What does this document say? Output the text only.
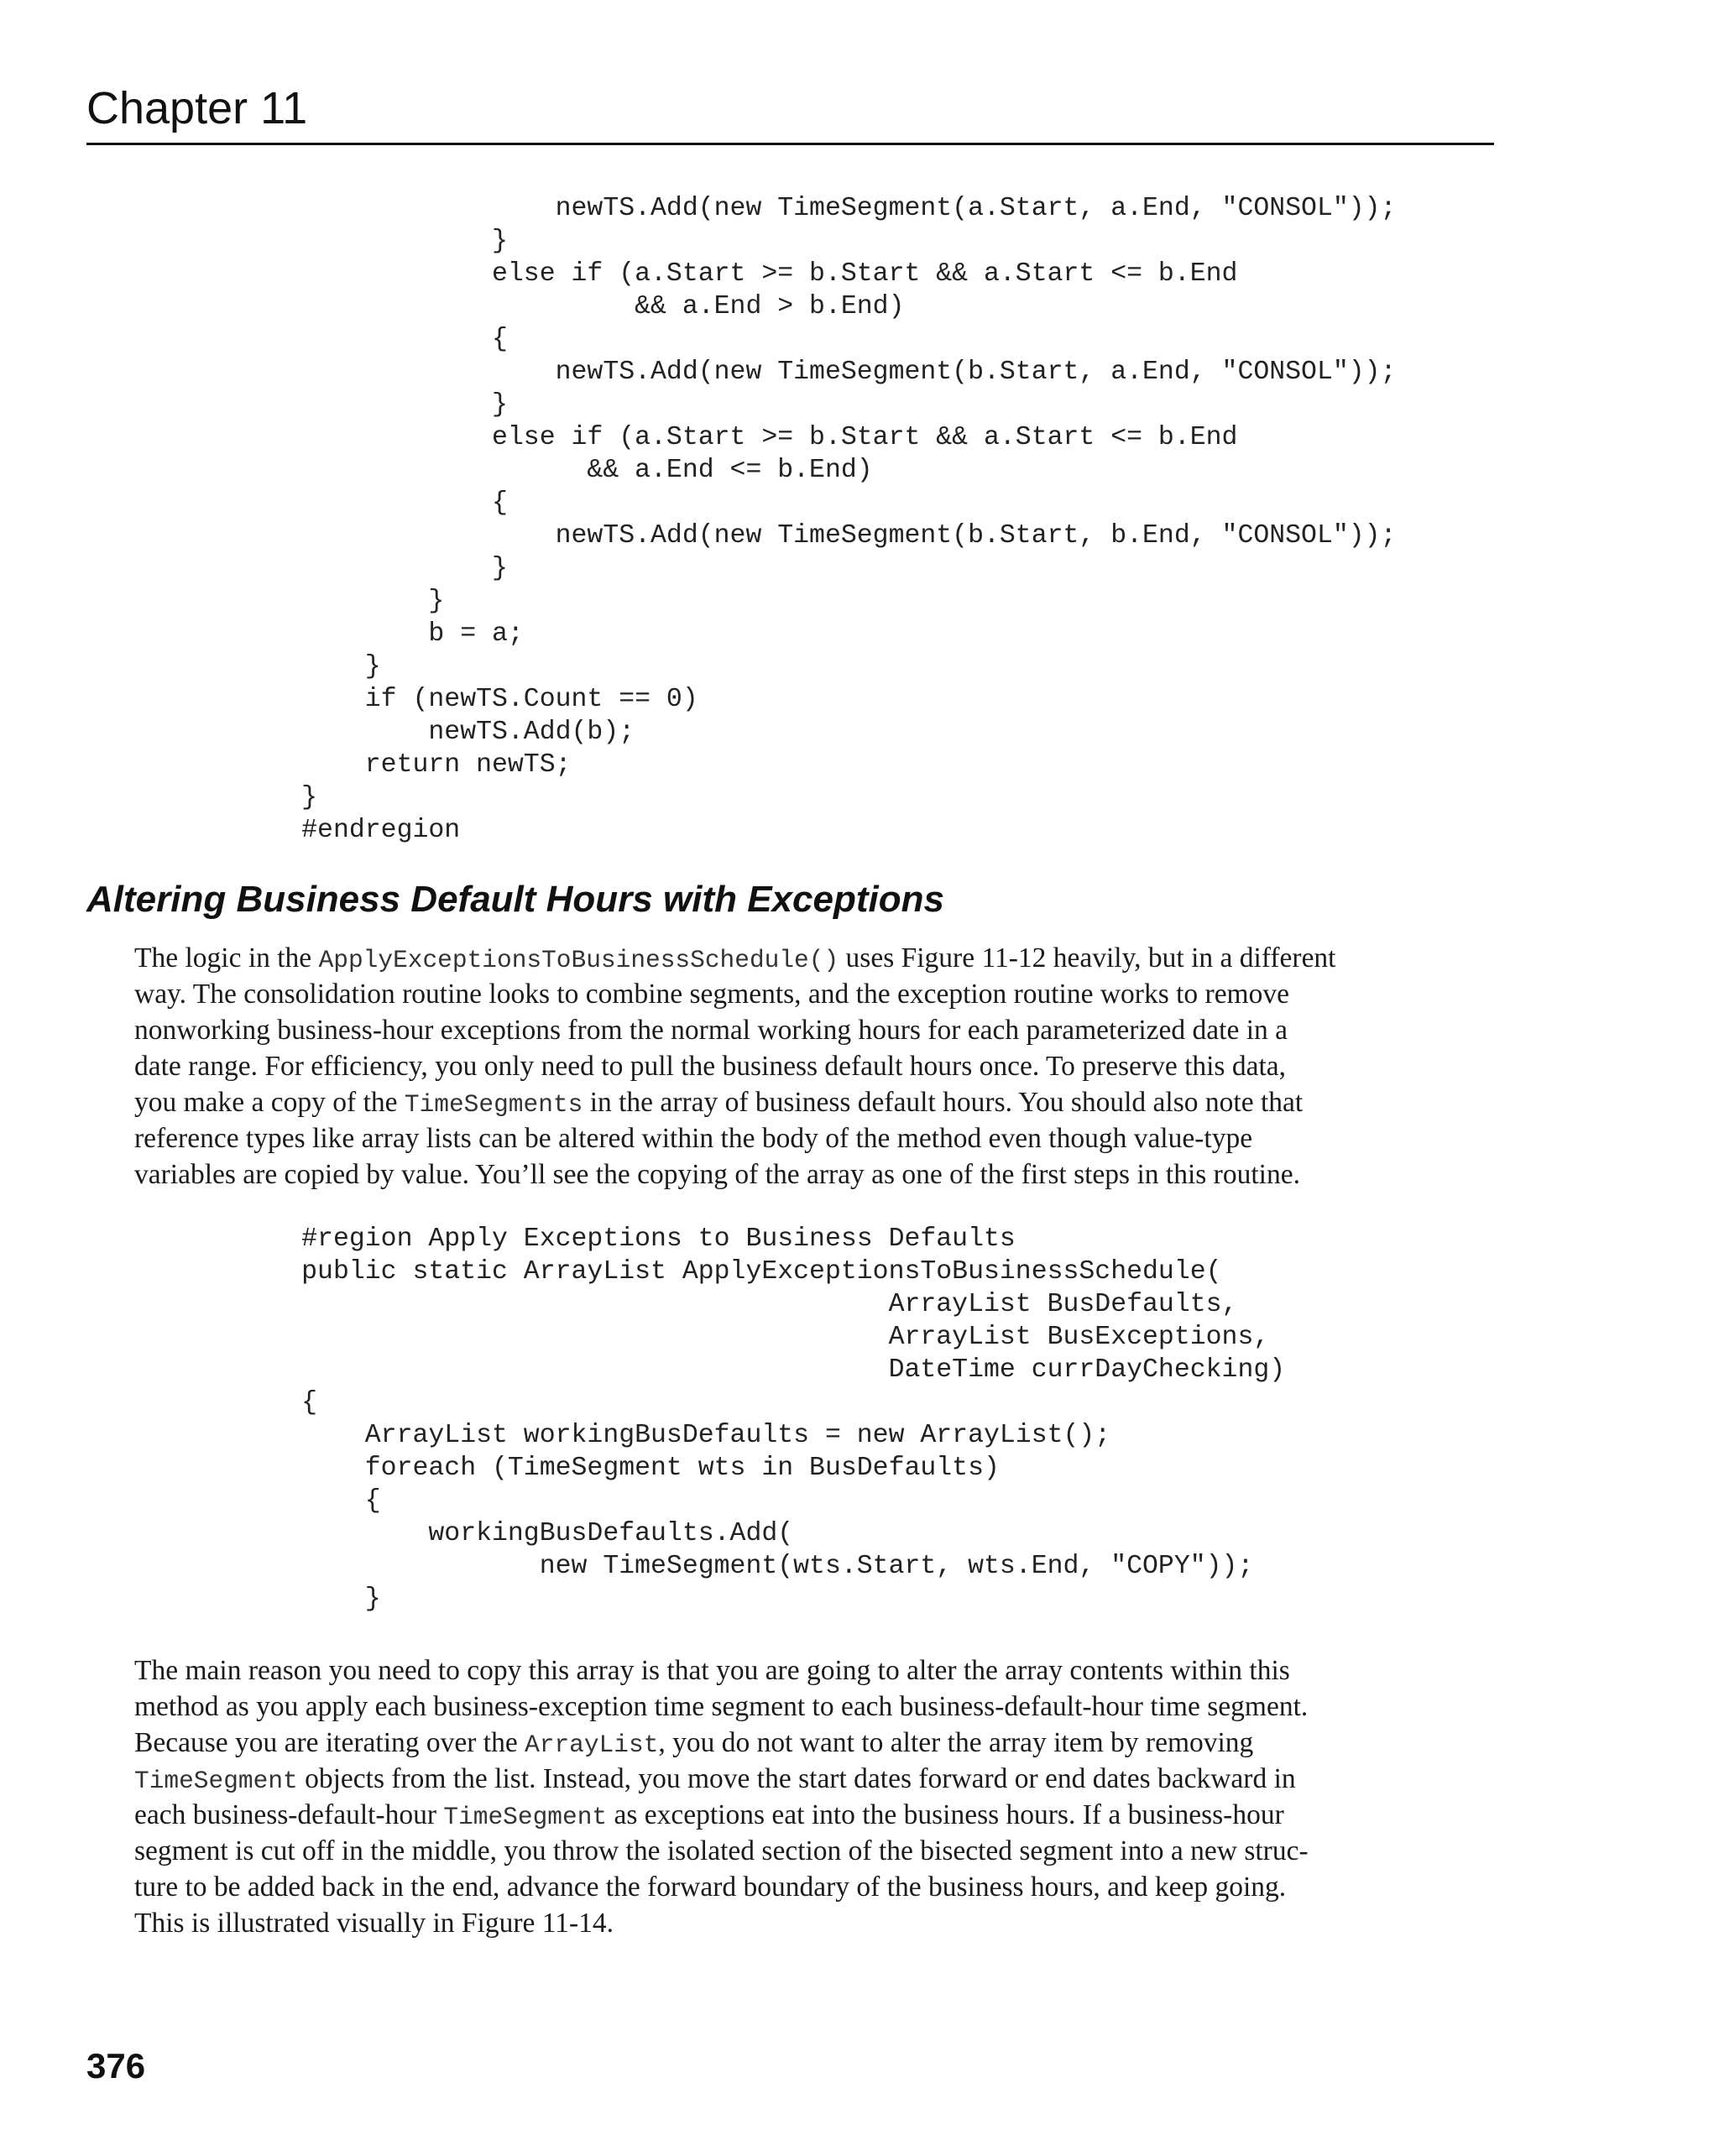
Chapter 11
newTS.Add(new TimeSegment(a.Start, a.End, "CONSOL"));
}
else if (a.Start >= b.Start && a.Start <= b.End
&& a.End > b.End)
{
newTS.Add(new TimeSegment(b.Start, a.End, "CONSOL"));
}
else if (a.Start >= b.Start && a.Start <= b.End
&& a.End <= b.End)
{
newTS.Add(new TimeSegment(b.Start, b.End, "CONSOL"));
}
}
b = a;
}
if (newTS.Count == 0)
newTS.Add(b);
return newTS;
}
#endregion
Altering Business Default Hours with Exceptions
The logic in the ApplyExceptionsToBusinessSchedule() uses Figure 11-12 heavily, but in a different
way. The consolidation routine looks to combine segments, and the exception routine works to remove
nonworking business-hour exceptions from the normal working hours for each parameterized date in a
date range. For efficiency, you only need to pull the business default hours once. To preserve this data,
you make a copy of the TimeSegments in the array of business default hours. You should also note that
reference types like array lists can be altered within the body of the method even though value-type
variables are copied by value. You’ll see the copying of the array as one of the first steps in this routine.
#region Apply Exceptions to Business Defaults
public static ArrayList ApplyExceptionsToBusinessSchedule(
ArrayList BusDefaults,
ArrayList BusExceptions,
DateTime currDayChecking)
{
ArrayList workingBusDefaults = new ArrayList();
foreach (TimeSegment wts in BusDefaults)
{
workingBusDefaults.Add(
new TimeSegment(wts.Start, wts.End, "COPY"));
}
The main reason you need to copy this array is that you are going to alter the array contents within this
method as you apply each business-exception time segment to each business-default-hour time segment.
Because you are iterating over the ArrayList, you do not want to alter the array item by removing
TimeSegment objects from the list. Instead, you move the start dates forward or end dates backward in
each business-default-hour TimeSegment as exceptions eat into the business hours. If a business-hour
segment is cut off in the middle, you throw the isolated section of the bisected segment into a new struc-
ture to be added back in the end, advance the forward boundary of the business hours, and keep going.
This is illustrated visually in Figure 11-14.
376
